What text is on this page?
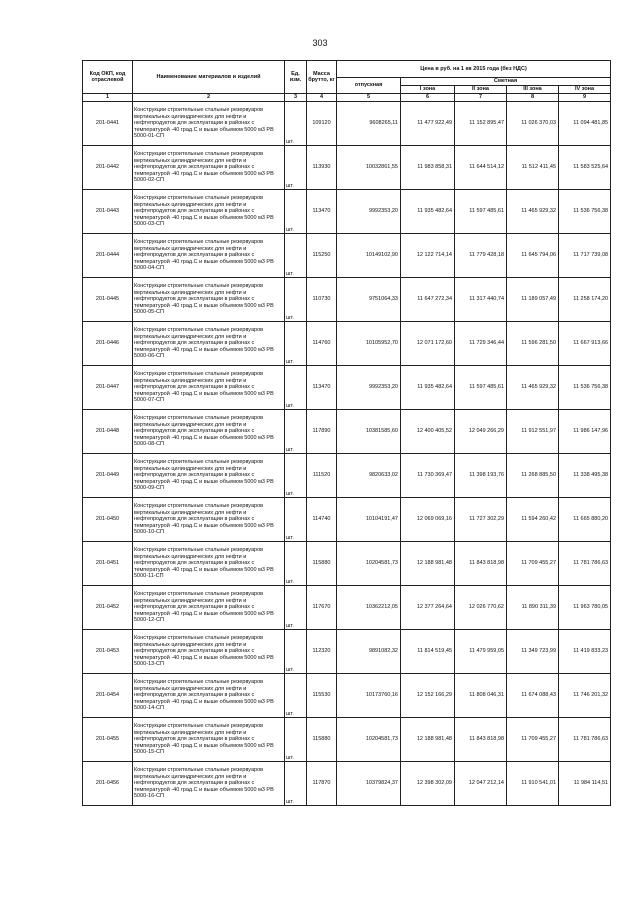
303
Код ОКП, код отраслевой	Наименование материалов и изделий	Ед. изм.	Масса брутто, кг	Цена в руб. на 1 кв 2015 года (без НДС)				
				отпускная	Сметная			
					I зона	II зона	III зона	IV зона
1	2	3	4	5	6	7	8	9
201-0441	Конструкции строительные стальные резервуаров вертикальных цилиндрических для нефти и нефтепродуктов для эксплуатации в районах с температурой -40 град.С и выше объемом 5000 м3 РВ 5000-01-СП	шт.	109120	9608265,11	11 477 922,49	11 152 895,47	11 026 370,03	11 094 481,85
201-0442	Конструкции строительные стальные резервуаров вертикальных цилиндрических для нефти и нефтепродуктов для эксплуатации в районах с температурой -40 град.С и выше объемом 5000 м3 РВ 5000-02-СП	шт.	113930	10032861,55	11 983 858,31	11 644 514,12	11 512 411,45	11 583 525,64
201-0443	Конструкции строительные стальные резервуаров вертикальных цилиндрических для нефти и нефтепродуктов для эксплуатации в районах с температурой -40 град.С и выше объемом 5000 м3 РВ 5000-03-СП	шт.	113470	9992353,20	11 935 482,64	11 597 485,61	11 465 929,32	11 536 756,38
201-0444	Конструкции строительные стальные резервуаров вертикальных цилиндрических для нефти и нефтепродуктов для эксплуатации в районах с температурой -40 град.С и выше объемом 5000 м3 РВ 5000-04-СП	шт.	115250	10149102,90	12 122 714,14	11 779 428,18	11 645 794,06	11 717 739,08
201-0445	Конструкции строительные стальные резервуаров вертикальных цилиндрических для нефти и нефтепродуктов для эксплуатации в районах с температурой -40 град.С и выше объемом 5000 м3 РВ 5000-05-СП	шт.	110730	9751064,33	11 647 272,34	11 317 440,74	11 189 057,49	11 258 174,20
201-0446	Конструкции строительные стальные резервуаров вертикальных цилиндрических для нефти и нефтепродуктов для эксплуатации в районах с температурой -40 град.С и выше объемом 5000 м3 РВ 5000-06-СП	шт.	114760	10105952,70	12 071 172,60	11 729 346,44	11 596 281,50	11 667 913,66
201-0447	Конструкции строительные стальные резервуаров вертикальных цилиндрических для нефти и нефтепродуктов для эксплуатации в районах с температурой -40 град.С и выше объемом 5000 м3 РВ 5000-07-СП	шт.	113470	9992353,20	11 935 482,64	11 597 485,61	11 465 929,32	11 536 756,38
201-0448	Конструкции строительные стальные резервуаров вертикальных цилиндрических для нефти и нефтепродуктов для эксплуатации в районах с температурой -40 град.С и выше объемом 5000 м3 РВ 5000-08-СП	шт.	117890	10381585,60	12 400 405,52	12 049 266,29	11 912 551,97	11 986 147,96
201-0449	Конструкции строительные стальные резервуаров вертикальных цилиндрических для нефти и нефтепродуктов для эксплуатации в районах с температурой -40 град.С и выше объемом 5000 м3 РВ 5000-09-СП	шт.	111520	9820633,02	11 730 369,47	11 398 193,76	11 268 885,50	11 338 495,38
201-0450	Конструкции строительные стальные резервуаров вертикальных цилиндрических для нефти и нефтепродуктов для эксплуатации в районах с температурой -40 град.С и выше объемом 5000 м3 РВ 5000-10-СП	шт.	114740	10104191,47	12 069 069,16	11 727 302,29	11 594 260,42	11 665 880,20
201-0451	Конструкции строительные стальные резервуаров вертикальных цилиндрических для нефти и нефтепродуктов для эксплуатации в районах с температурой -40 град.С и выше объемом 5000 м3 РВ 5000-11-СП	шт.	115880	10204581,73	12 188 981,48	11 843 818,98	11 709 455,27	11 781 786,63
201-0452	Конструкции строительные стальные резервуаров вертикальных цилиндрических для нефти и нефтепродуктов для эксплуатации в районах с температурой -40 град.С и выше объемом 5000 м3 РВ 5000-12-СП	шт.	117670	10362212,05	12 377 264,64	12 026 770,62	11 890 311,39	11 963 780,05
201-0453	Конструкции строительные стальные резервуаров вертикальных цилиндрических для нефти и нефтепродуктов для эксплуатации в районах с температурой -40 град.С и выше объемом 5000 м3 РВ 5000-13-СП	шт.	112320	9891082,32	11 814 519,45	11 479 959,05	11 349 723,99	11 419 833,23
201-0454	Конструкции строительные стальные резервуаров вертикальных цилиндрических для нефти и нефтепродуктов для эксплуатации в районах с температурой -40 град.С и выше объемом 5000 м3 РВ 5000-14-СП	шт.	115530	10173760,16	12 152 166,29	11 808 046,31	11 674 088,43	11 746 201,32
201-0455	Конструкции строительные стальные резервуаров вертикальных цилиндрических для нефти и нефтепродуктов для эксплуатации в районах с температурой -40 град.С и выше объемом 5000 м3 РВ 5000-15-СП	шт.	115880	10204581,73	12 188 981,48	11 843 818,98	11 709 455,27	11 781 786,63
201-0456	Конструкции строительные стальные резервуаров вертикальных цилиндрических для нефти и нефтепродуктов для эксплуатации в районах с температурой -40 град.С и выше объемом 5000 м3 РВ 5000-16-СП	шт.	117870	10379824,37	12 398 302,09	12 047 212,14	11 910 541,01	11 984 114,51
